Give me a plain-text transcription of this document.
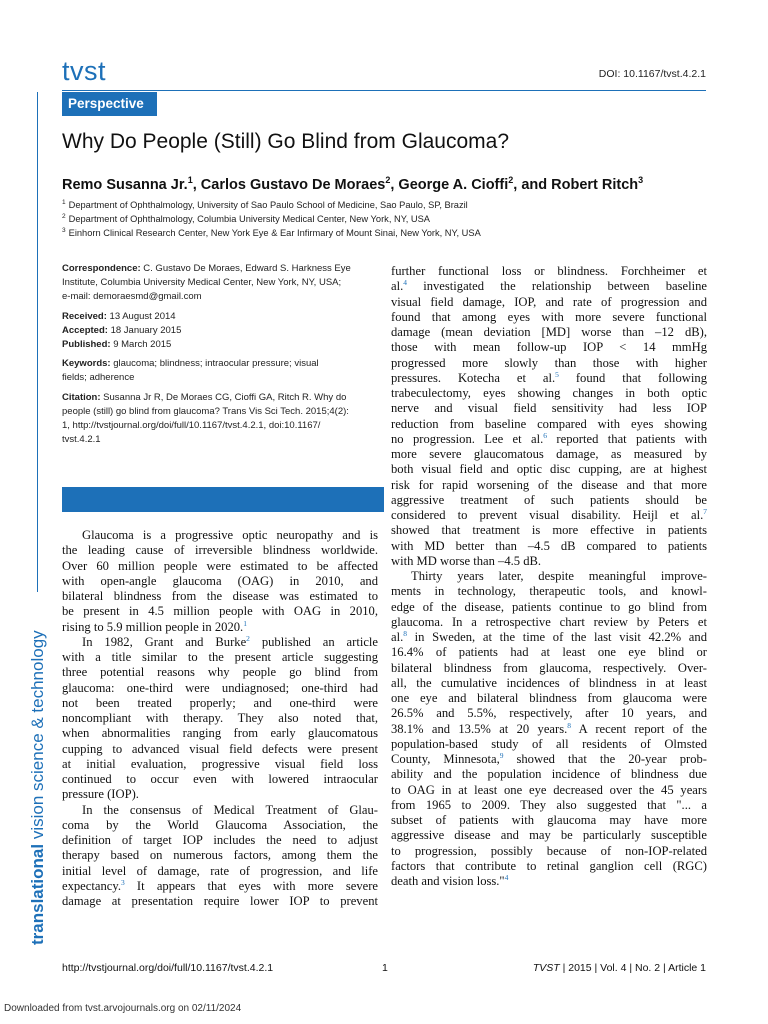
tvst	DOI: 10.1167/tvst.4.2.1
Perspective
translational vision science & technology
Why Do People (Still) Go Blind from Glaucoma?
Remo Susanna Jr.$^1$, Carlos Gustavo De Moraes$^2$, George A. Cioffi$^2$, and Robert Ritch$^3$
$^1$ Department of Ophthalmology, University of Sao Paulo School of Medicine, Sao Paulo, SP, Brazil
$^2$ Department of Ophthalmology, Columbia University Medical Center, New York, NY, USA
$^3$ Einhorn Clinical Research Center, New York Eye & Ear Infirmary of Mount Sinai, New York, NY, USA

Correspondence: C. Gustavo De Moraes, Edward S. Harkness Eye
Institute, Columbia University Medical Center, New York, NY, USA;
e-mail: demoraesmd@gmail.com

Received: 13 August 2014
Accepted: 18 January 2015
Published: 9 March 2015

Keywords: glaucoma; blindness; intraocular pressure; visual
fields; adherence

Citation: Susanna Jr R, De Moraes CG, Cioffi GA, Ritch R. Why do
people (still) go blind from glaucoma? Trans Vis Sci Tech. 2015;4(2):
1, http://tvstjournal.org/doi/full/10.1167/tvst.4.2.1, doi:10.1167/
tvst.4.2.1

Glaucoma is a progressive optic neuropathy and is
the leading cause of irreversible blindness worldwide.
Over 60 million people were estimated to be affected
with open-angle glaucoma (OAG) in 2010, and
bilateral blindness from the disease was estimated to
be present in 4.5 million people with OAG in 2010,
rising to 5.9 million people in 2020.$^1$
In 1982, Grant and Burke$^2$ published an article
with a title similar to the present article suggesting
three potential reasons why people go blind from
glaucoma: one-third were undiagnosed; one-third had
not been treated properly; and one-third were
noncompliant with therapy. They also noted that,
when abnormalities ranging from early glaucomatous
cupping to advanced visual field defects were present
at initial evaluation, progressive visual field loss
continued to occur even with lowered intraocular
pressure (IOP).
In the consensus of Medical Treatment of Glau-
coma by the World Glaucoma Association, the
definition of target IOP includes the need to adjust
therapy based on numerous factors, among them the
initial level of damage, rate of progression, and life
expectancy.$^3$ It appears that eyes with more severe
damage at presentation require lower IOP to prevent
further functional loss or blindness. Forchheimer et
al.$^4$ investigated the relationship between baseline
visual field damage, IOP, and rate of progression and
found that among eyes with more severe functional
damage (mean deviation [MD] worse than –12 dB),
those with mean follow-up IOP < 14 mmHg
progressed more slowly than those with higher
pressures. Kotecha et al.$^5$ found that following
trabeculectomy, eyes showing changes in both optic
nerve and visual field sensitivity had less IOP
reduction from baseline compared with eyes showing
no progression. Lee et al.$^6$ reported that patients with
more severe glaucomatous damage, as measured by
both visual field and optic disc cupping, are at highest
risk for rapid worsening of the disease and that more
aggressive treatment of such patients should be
considered to prevent visual disability. Heijl et al.$^7$
showed that treatment is more effective in patients
with MD better than –4.5 dB compared to patients
with MD worse than –4.5 dB.
Thirty years later, despite meaningful improve-
ments in technology, therapeutic tools, and knowl-
edge of the disease, patients continue to go blind from
glaucoma. In a retrospective chart review by Peters et
al.$^8$ in Sweden, at the time of the last visit 42.2% and
16.4% of patients had at least one eye blind or
bilateral blindness from glaucoma, respectively. Over-
all, the cumulative incidences of blindness in at least
one eye and bilateral blindness from glaucoma were
26.5% and 5.5%, respectively, after 10 years, and
38.1% and 13.5% at 20 years.$^8$ A recent report of the
population-based study of all residents of Olmsted
County, Minnesota,$^9$ showed that the 20-year prob-
ability and the population incidence of blindness due
to OAG in at least one eye decreased over the 45 years
from 1965 to 2009. They also suggested that "... a
subset of patients with glaucoma may have more
aggressive disease and may be particularly susceptible
to progression, possibly because of non-IOP-related
factors that contribute to retinal ganglion cell (RGC)
death and vision loss."$^4$
http://tvstjournal.org/doi/full/10.1167/tvst.4.2.1	1	TVST | 2015 | Vol. 4 | No. 2 | Article 1
Downloaded from tvst.arvojournals.org on 02/11/2024
